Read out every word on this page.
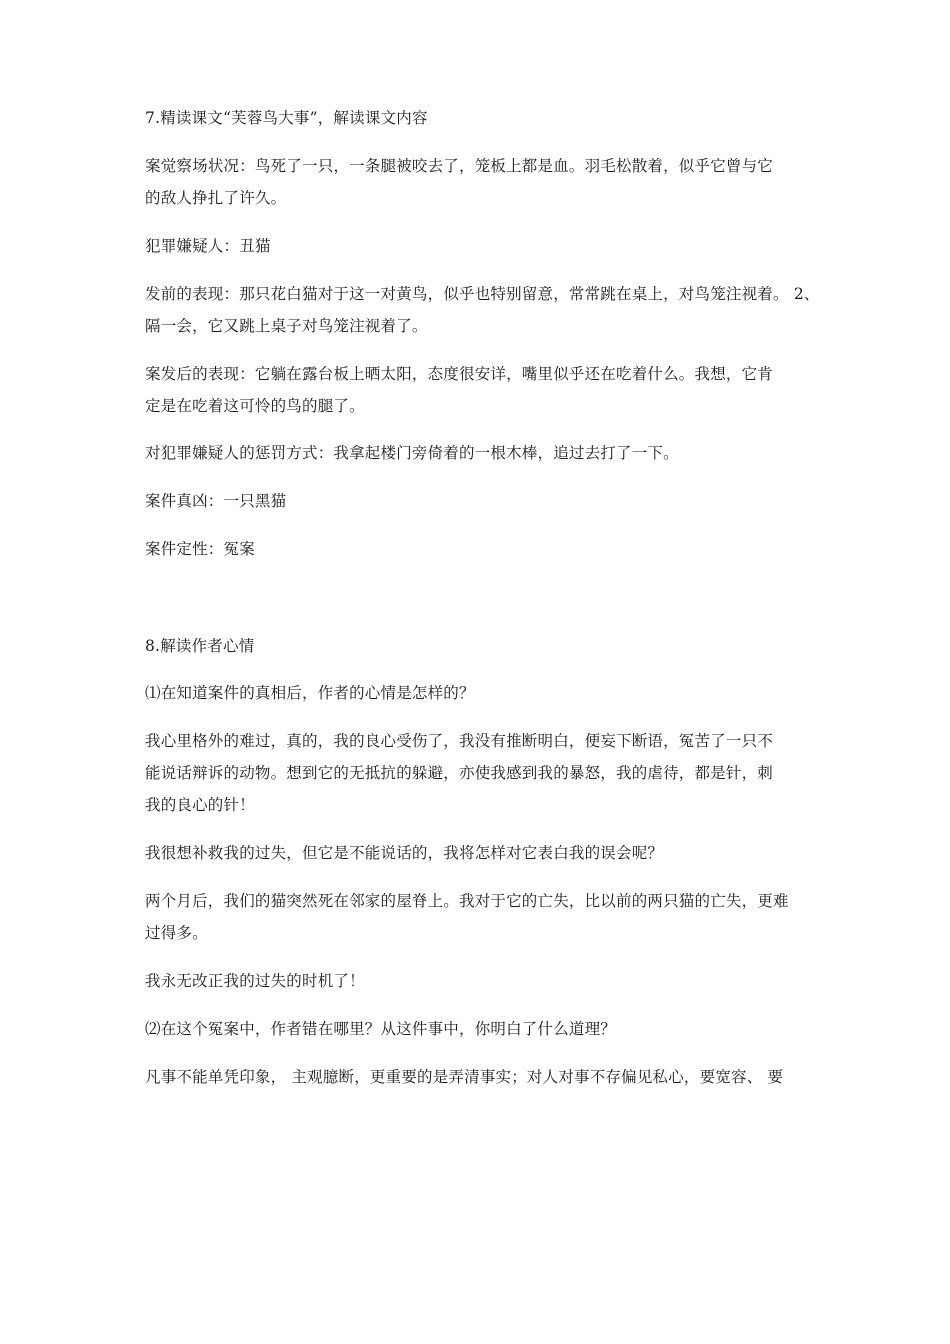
7.精读课文“芙蓉鸟大事”，解读课文内容
案觉察场状况：鸟死了一只，一条腿被咬去了，笼板上都是血。羽毛松散着，似乎它曾与它
的敌人挣扎了许久。
犯罪嫌疑人：丑猫
发前的表现：那只花白猫对于这一对黄鸟，似乎也特别留意，常常跳在桌上，对鸟笼注视着。 2、
隔一会，它又跳上桌子对鸟笼注视着了。
案发后的表现：它躺在露台板上晒太阳，态度很安详，嘴里似乎还在吃着什么。我想，它肯
定是在吃着这可怜的鸟的腿了。
对犯罪嫌疑人的惩罚方式：我拿起楼门旁倚着的一根木棒，追过去打了一下。
案件真凶：一只黑猫
案件定性：冤案
8.解读作者心情
⑴在知道案件的真相后，作者的心情是怎样的？
我心里格外的难过，真的，我的良心受伤了，我没有推断明白，便妄下断语，冤苦了一只不
能说话辩诉的动物。想到它的无抵抗的躲避，亦使我感到我的暴怒，我的虐待，都是针，刺
我的良心的针！
我很想补救我的过失，但它是不能说话的，我将怎样对它表白我的误会呢？
两个月后，我们的猫突然死在邻家的屋脊上。我对于它的亡失，比以前的两只猫的亡失，更难
过得多。
我永无改正我的过失的时机了！
⑵在这个冤案中，作者错在哪里？从这件事中，你明白了什么道理？
凡事不能单凭印象， 主观臆断，更重要的是弄清事实；对人对事不存偏见私心，要宽容、 要
